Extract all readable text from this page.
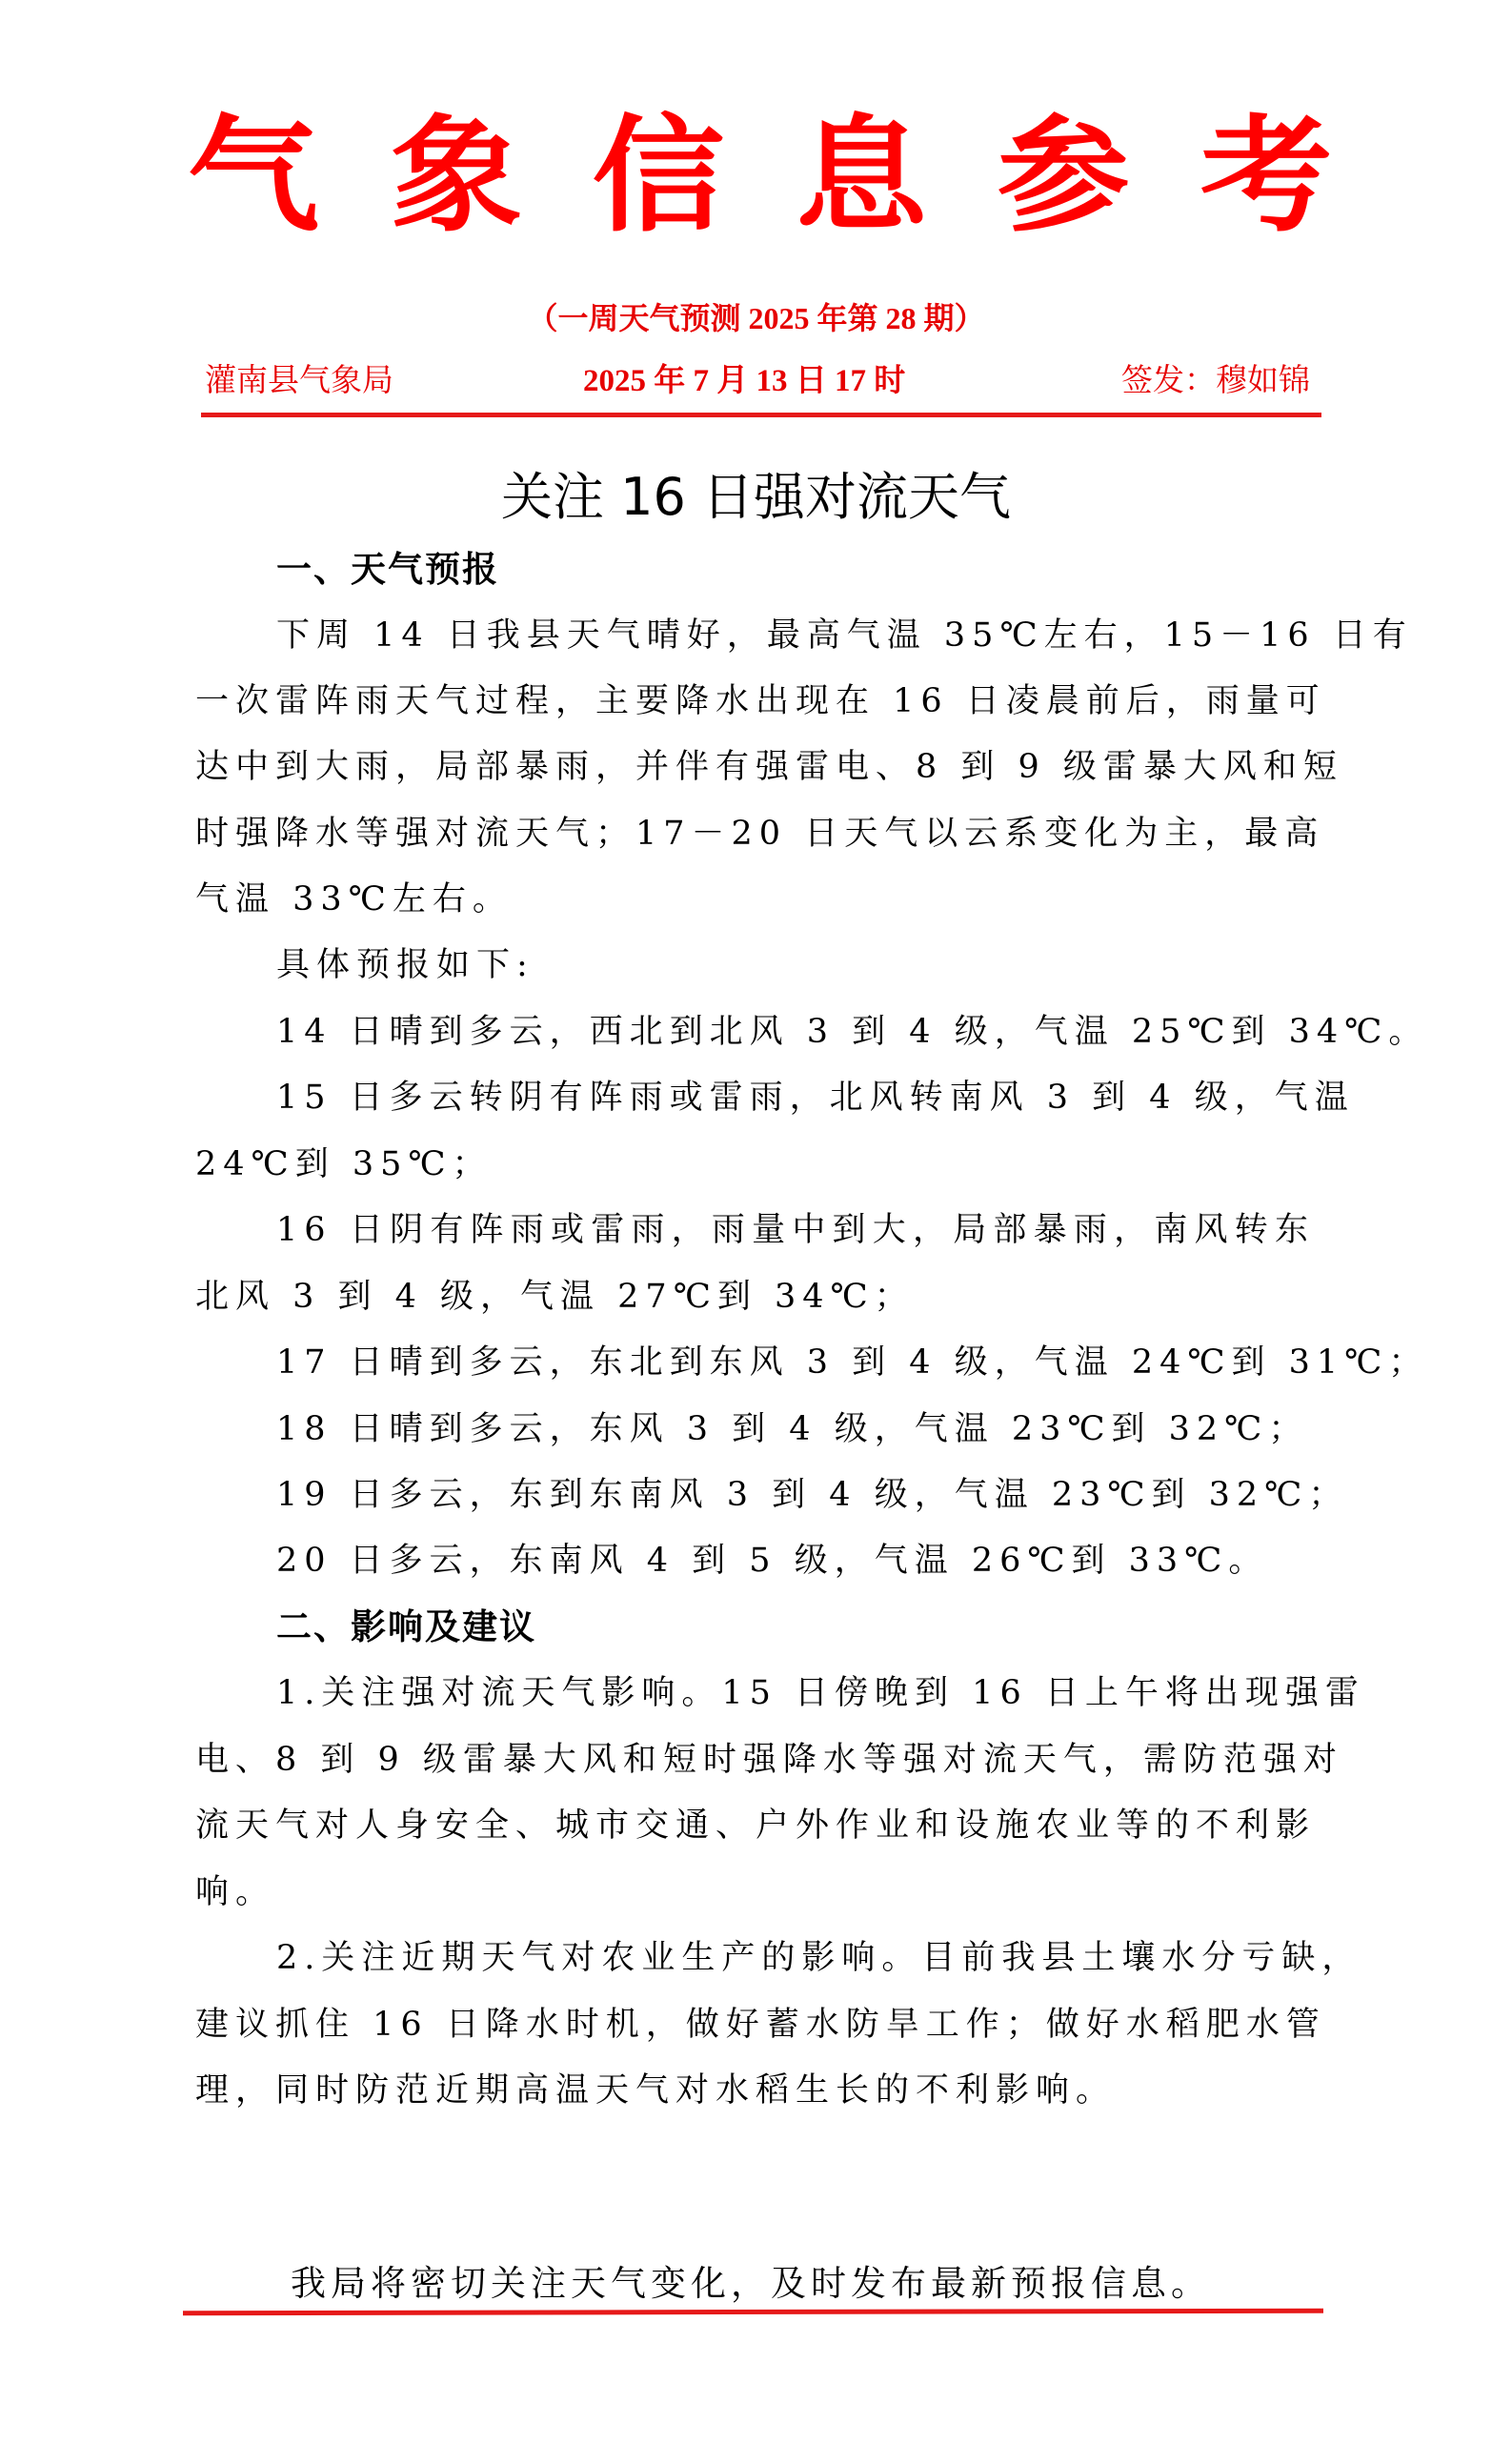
气 象 信 息 参 考
（一周天气预测 2025 年第 28 期）
灌南县气象局	2025 年 7 月 13 日 17 时	签发：穆如锦
关注 16 日强对流天气
一、天气预报
下周 14 日我县天气晴好，最高气温 35℃左右，15－16 日有
一次雷阵雨天气过程，主要降水出现在 16 日凌晨前后，雨量可
达中到大雨，局部暴雨，并伴有强雷电、8 到 9 级雷暴大风和短
时强降水等强对流天气；17－20 日天气以云系变化为主，最高
气温 33℃左右。
具体预报如下:
14 日晴到多云，西北到北风 3 到 4 级，气温 25℃到 34℃。
15 日多云转阴有阵雨或雷雨，北风转南风 3 到 4 级，气温
24℃到 35℃；
16 日阴有阵雨或雷雨，雨量中到大，局部暴雨，南风转东
北风 3 到 4 级，气温 27℃到 34℃；
17 日晴到多云，东北到东风 3 到 4 级，气温 24℃到 31℃；
18 日晴到多云，东风 3 到 4 级，气温 23℃到 32℃；
19 日多云，东到东南风 3 到 4 级，气温 23℃到 32℃；
20 日多云，东南风 4 到 5 级，气温 26℃到 33℃。
二、影响及建议
1.关注强对流天气影响。15 日傍晚到 16 日上午将出现强雷
电、8 到 9 级雷暴大风和短时强降水等强对流天气，需防范强对
流天气对人身安全、城市交通、户外作业和设施农业等的不利影
响。
2.关注近期天气对农业生产的影响。目前我县土壤水分亏缺，
建议抓住 16 日降水时机，做好蓄水防旱工作；做好水稻肥水管
理，同时防范近期高温天气对水稻生长的不利影响。
我局将密切关注天气变化，及时发布最新预报信息。
